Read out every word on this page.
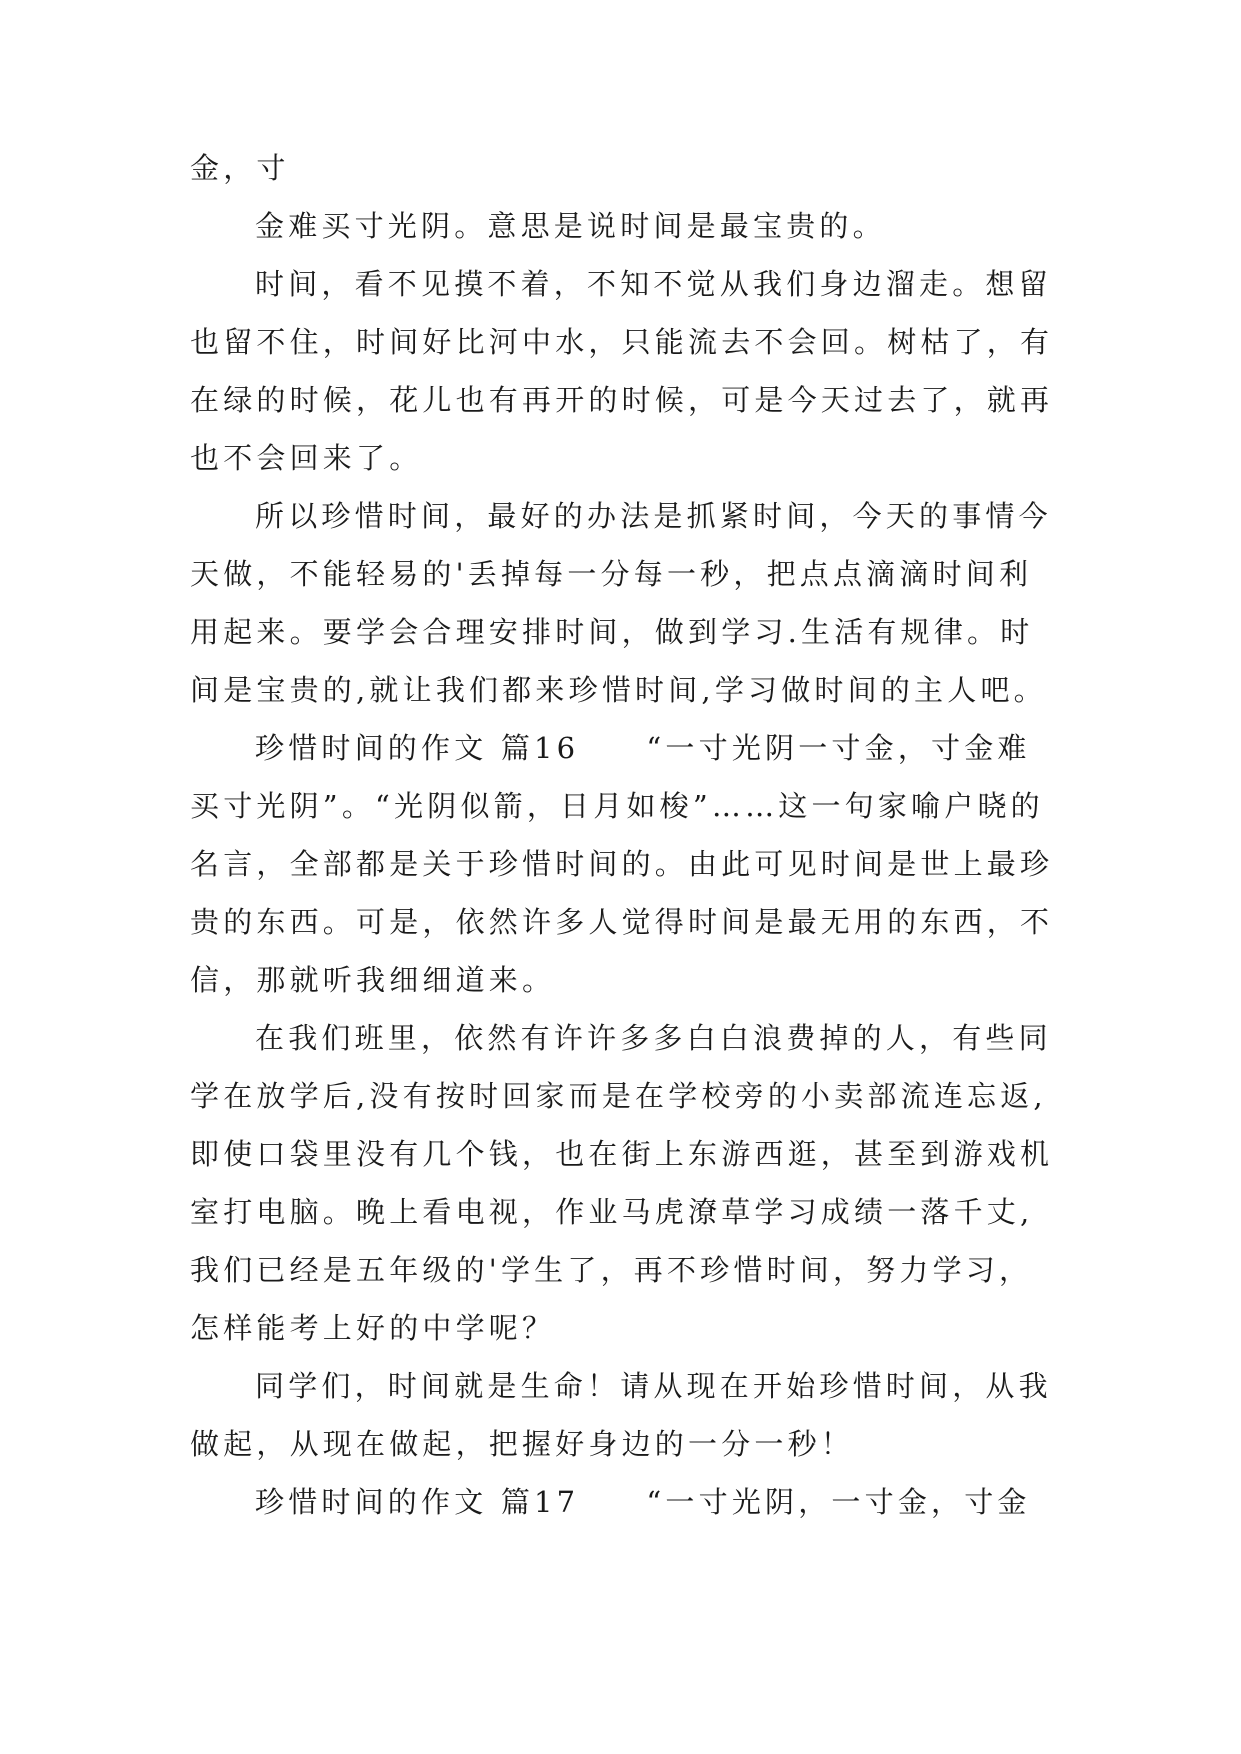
金，寸
金难买寸光阴。意思是说时间是最宝贵的。
时间，看不见摸不着，不知不觉从我们身边溜走。想留
也留不住，时间好比河中水，只能流去不会回。树枯了，有
在绿的时候，花儿也有再开的时候，可是今天过去了，就再
也不会回来了。
所以珍惜时间，最好的办法是抓紧时间，今天的事情今
天做，不能轻易的'丢掉每一分每一秒，把点点滴滴时间利
用起来。要学会合理安排时间，做到学习.生活有规律。时
间是宝贵的,就让我们都来珍惜时间,学习做时间的主人吧。
珍惜时间的作文 篇16     “一寸光阴一寸金，寸金难
买寸光阴”。“光阴似箭，日月如梭”……这一句家喻户晓的
名言，全部都是关于珍惜时间的。由此可见时间是世上最珍
贵的东西。可是，依然许多人觉得时间是最无用的东西，不
信，那就听我细细道来。
在我们班里，依然有许许多多白白浪费掉的人，有些同
学在放学后,没有按时回家而是在学校旁的小卖部流连忘返,
即使口袋里没有几个钱，也在街上东游西逛，甚至到游戏机
室打电脑。晚上看电视，作业马虎潦草学习成绩一落千丈,
我们已经是五年级的'学生了，再不珍惜时间，努力学习，
怎样能考上好的中学呢？
同学们，时间就是生命！请从现在开始珍惜时间，从我
做起，从现在做起，把握好身边的一分一秒！
珍惜时间的作文 篇17     “一寸光阴，一寸金，寸金
